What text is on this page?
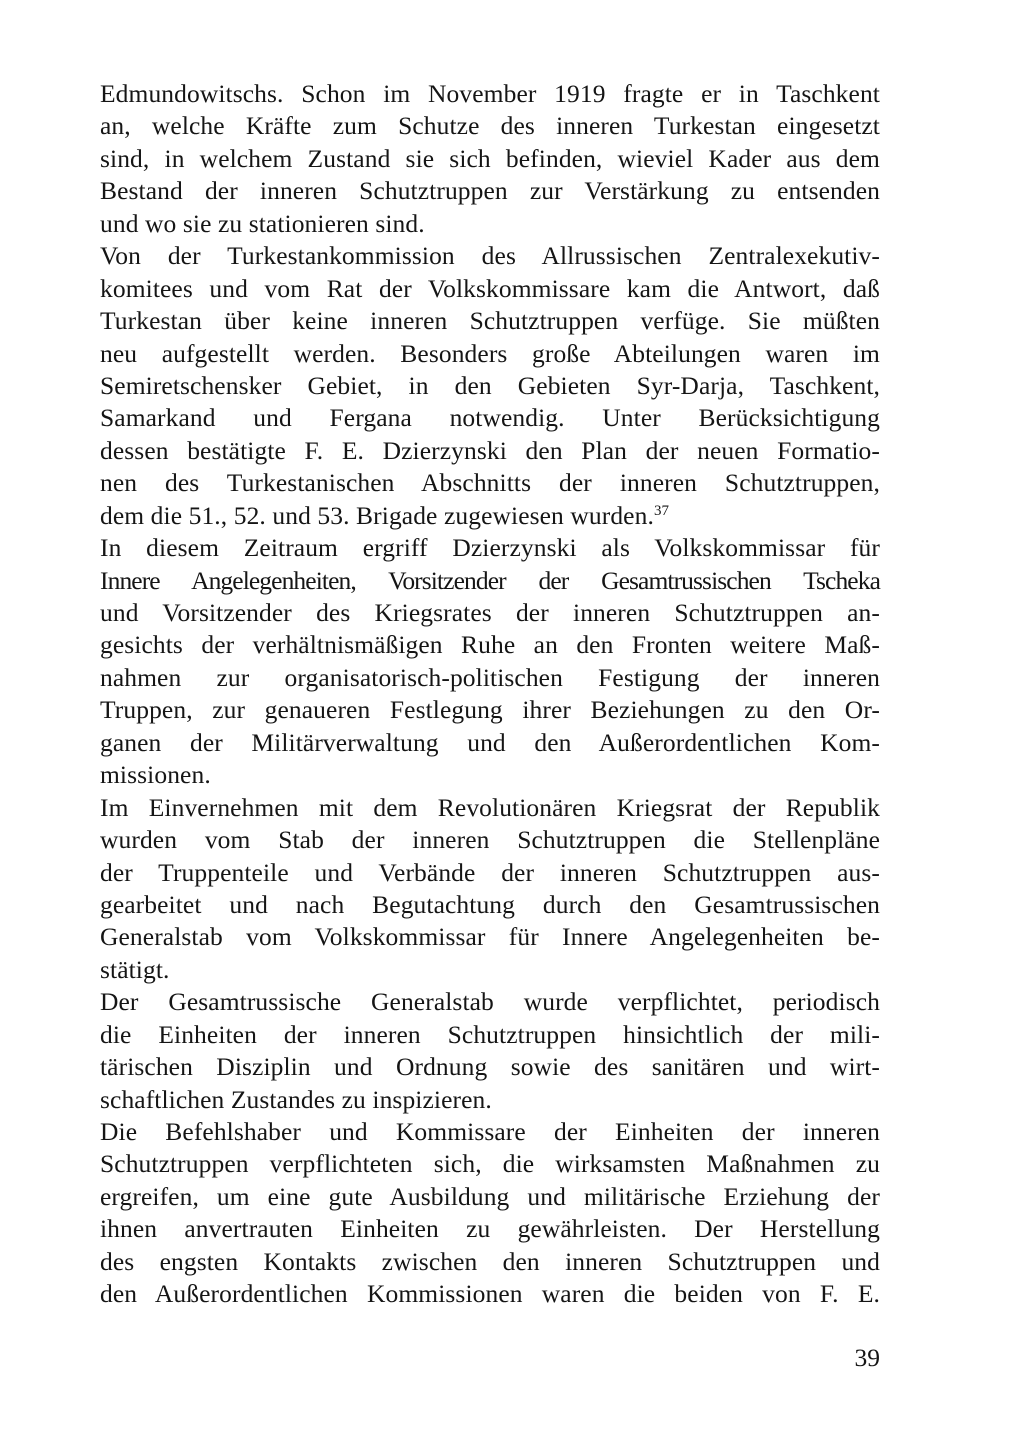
Edmundowitschs. Schon im November 1919 fragte er in Taschkent
an, welche Kräfte zum Schutze des inneren Turkestan eingesetzt
sind, in welchem Zustand sie sich befinden, wieviel Kader aus dem
Bestand der inneren Schutztruppen zur Verstärkung zu entsenden
und wo sie zu stationieren sind.
Von der Turkestankommission des Allrussischen Zentralexekutiv-
komitees und vom Rat der Volkskommissare kam die Antwort, daß
Turkestan über keine inneren Schutztruppen verfüge. Sie müßten
neu aufgestellt werden. Besonders große Abteilungen waren im
Semiretschensker Gebiet, in den Gebieten Syr-Darja, Taschkent,
Samarkand und Fergana notwendig. Unter Berücksichtigung
dessen bestätigte F. E. Dzierzynski den Plan der neuen Formatio-
nen des Turkestanischen Abschnitts der inneren Schutztruppen,
dem die 51., 52. und 53. Brigade zugewiesen wurden.$^{37}$
In diesem Zeitraum ergriff Dzierzynski als Volkskommissar für
Innere Angelegenheiten, Vorsitzender der Gesamtrussischen Tscheka
und Vorsitzender des Kriegsrates der inneren Schutztruppen an-
gesichts der verhältnismäßigen Ruhe an den Fronten weitere Maß-
nahmen zur organisatorisch-politischen Festigung der inneren
Truppen, zur genaueren Festlegung ihrer Beziehungen zu den Or-
ganen der Militärverwaltung und den Außerordentlichen Kom-
missionen.
Im Einvernehmen mit dem Revolutionären Kriegsrat der Republik
wurden vom Stab der inneren Schutztruppen die Stellenpläne
der Truppenteile und Verbände der inneren Schutztruppen aus-
gearbeitet und nach Begutachtung durch den Gesamtrussischen
Generalstab vom Volkskommissar für Innere Angelegenheiten be-
stätigt.
Der Gesamtrussische Generalstab wurde verpflichtet, periodisch
die Einheiten der inneren Schutztruppen hinsichtlich der mili-
tärischen Disziplin und Ordnung sowie des sanitären und wirt-
schaftlichen Zustandes zu inspizieren.
Die Befehlshaber und Kommissare der Einheiten der inneren
Schutztruppen verpflichteten sich, die wirksamsten Maßnahmen zu
ergreifen, um eine gute Ausbildung und militärische Erziehung der
ihnen anvertrauten Einheiten zu gewährleisten. Der Herstellung
des engsten Kontakts zwischen den inneren Schutztruppen und
den Außerordentlichen Kommissionen waren die beiden von F. E.
39
